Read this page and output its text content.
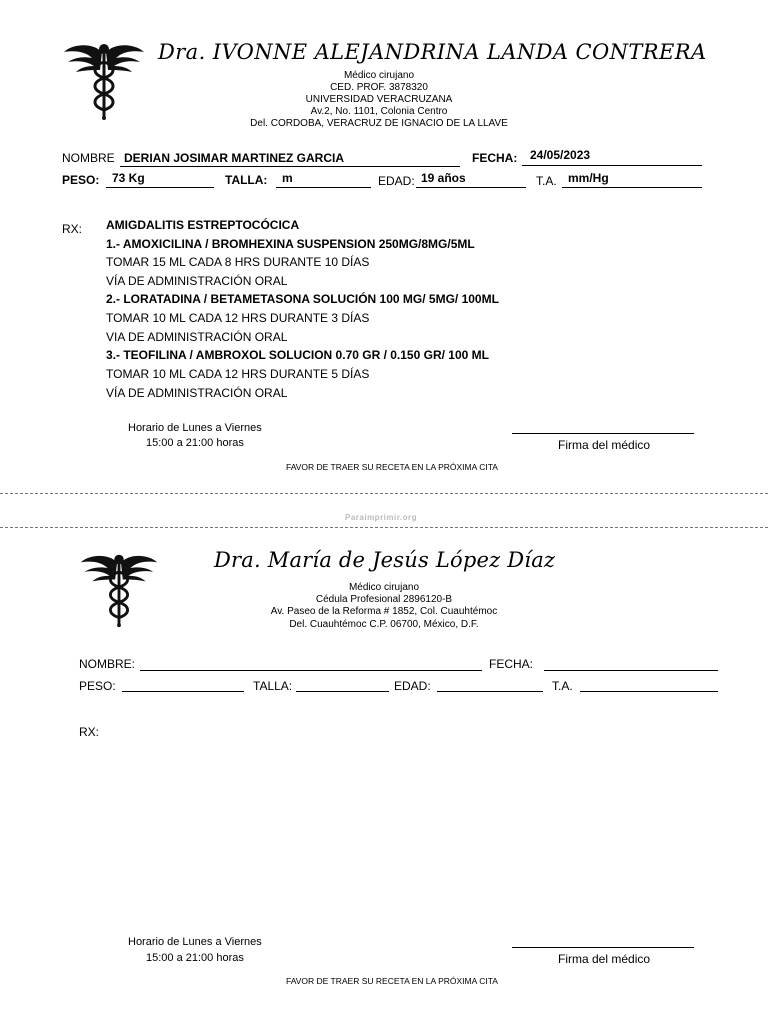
Dra. IVONNE ALEJANDRINA LANDA CONTRERA
Médico cirujano
CED. PROF. 3878320
UNIVERSIDAD VERACRUZANA
Av.2, No. 1101, Colonia Centro
Del. CORDOBA, VERACRUZ DE IGNACIO DE LA LLAVE
NOMBRE DERIAN JOSIMAR MARTINEZ GARCIA	FECHA: 24/05/2023
PESO: 73 Kg	TALLA: m	EDAD: 19 años	T.A. mm/Hg
RX: AMIGDALITIS ESTREPTOCÓCICA
1.- AMOXICILINA / BROMHEXINA SUSPENSION 250MG/8MG/5ML
TOMAR 15 ML CADA 8 HRS DURANTE 10 DÍAS
VÍA DE ADMINISTRACIÓN ORAL
2.- LORATADINA / BETAMETASONA SOLUCIÓN 100 MG/ 5MG/ 100ML
TOMAR 10 ML CADA 12 HRS DURANTE 3 DÍAS
VIA DE ADMINISTRACIÓN ORAL
3.- TEOFILINA / AMBROXOL SOLUCION 0.70 GR / 0.150 GR/ 100 ML
TOMAR 10 ML CADA 12 HRS DURANTE 5 DÍAS
VÍA DE ADMINISTRACIÓN ORAL
Horario de Lunes a Viernes
15:00 a 21:00 horas	Firma del médico
FAVOR DE TRAER SU RECETA EN LA PRÓXIMA CITA
Paraimprimir.org
Dra. María de Jesús López Díaz
Médico cirujano
Cédula Profesional 2896120-B
Av. Paseo de la Reforma # 1852, Col. Cuauhtémoc
Del. Cuauhtémoc C.P. 06700, México, D.F.
NOMBRE:	FECHA:
PESO:	TALLA:	EDAD:	T.A.
RX:
Horario de Lunes a Viernes
15:00 a 21:00 horas	Firma del médico
FAVOR DE TRAER SU RECETA EN LA PRÓXIMA CITA
